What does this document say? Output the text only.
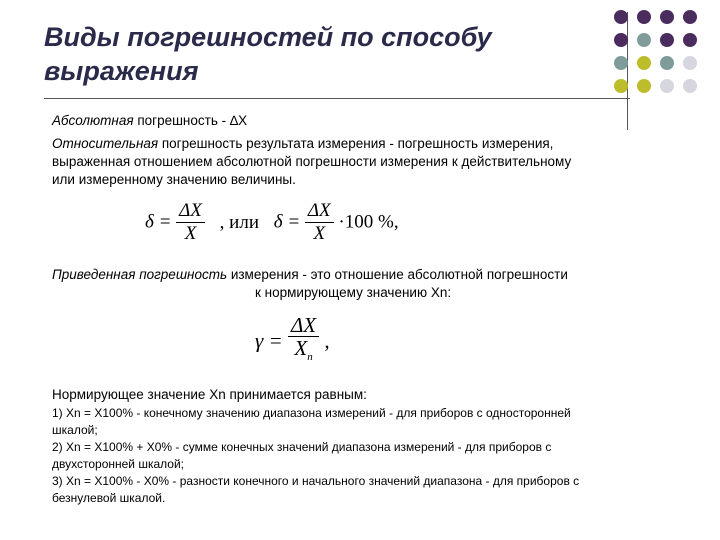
Виды погрешностей по способу выражения
Абсолютная погрешность - ∆X
Относительная погрешность результата измерения - погрешность измерения,
выраженная отношением абсолютной погрешности измерения к действительному
или измеренному значению величины.
$\delta = \frac{\Delta X}{X}$ , или $\delta = \frac{\Delta X}{X} \cdot 100$ %,
Приведенная погрешность измерения - это отношение абсолютной погрешности
к нормирующему значению Xn:
$\gamma = \frac{\Delta X}{X_n}$ ,
Нормирующее значение Xn принимается равным:
1) Xn = X100% - конечному значению диапазона измерений - для приборов с односторонней
шкалой;
2) Xn = X100% + X0% - сумме конечных значений диапазона измерений - для приборов с
двухсторонней шкалой;
3) Xn = X100% - X0% - разности конечного и начального значений диапазона - для приборов с
безнулевой шкалой.
